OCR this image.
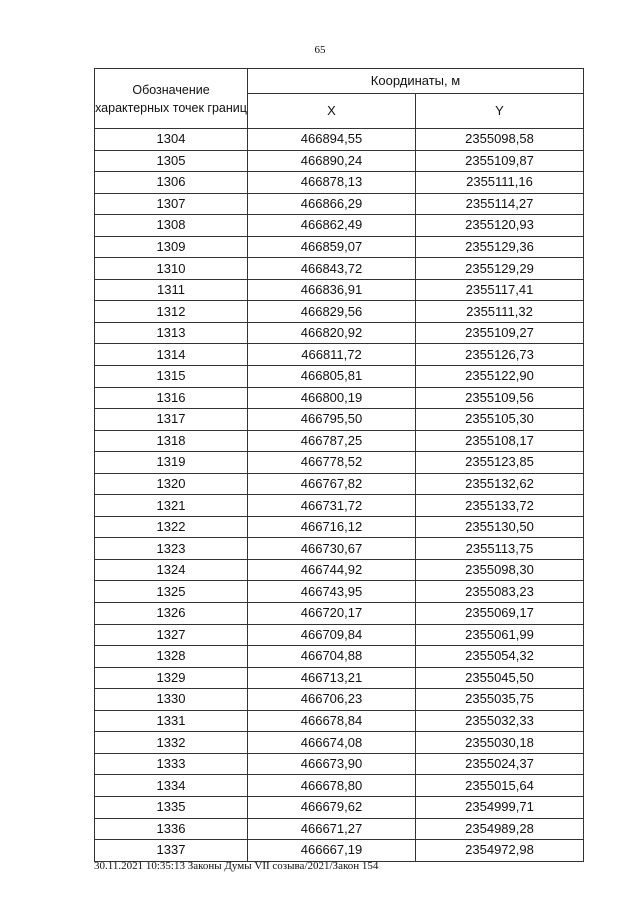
65
Обозначение характерных точек границ	Координаты, м	
	X	Y
1304	466894,55	2355098,58
1305	466890,24	2355109,87
1306	466878,13	2355111,16
1307	466866,29	2355114,27
1308	466862,49	2355120,93
1309	466859,07	2355129,36
1310	466843,72	2355129,29
1311	466836,91	2355117,41
1312	466829,56	2355111,32
1313	466820,92	2355109,27
1314	466811,72	2355126,73
1315	466805,81	2355122,90
1316	466800,19	2355109,56
1317	466795,50	2355105,30
1318	466787,25	2355108,17
1319	466778,52	2355123,85
1320	466767,82	2355132,62
1321	466731,72	2355133,72
1322	466716,12	2355130,50
1323	466730,67	2355113,75
1324	466744,92	2355098,30
1325	466743,95	2355083,23
1326	466720,17	2355069,17
1327	466709,84	2355061,99
1328	466704,88	2355054,32
1329	466713,21	2355045,50
1330	466706,23	2355035,75
1331	466678,84	2355032,33
1332	466674,08	2355030,18
1333	466673,90	2355024,37
1334	466678,80	2355015,64
1335	466679,62	2354999,71
1336	466671,27	2354989,28
1337	466667,19	2354972,98
30.11.2021 10:35:13 Законы Думы VII созыва/2021/Закон 154
